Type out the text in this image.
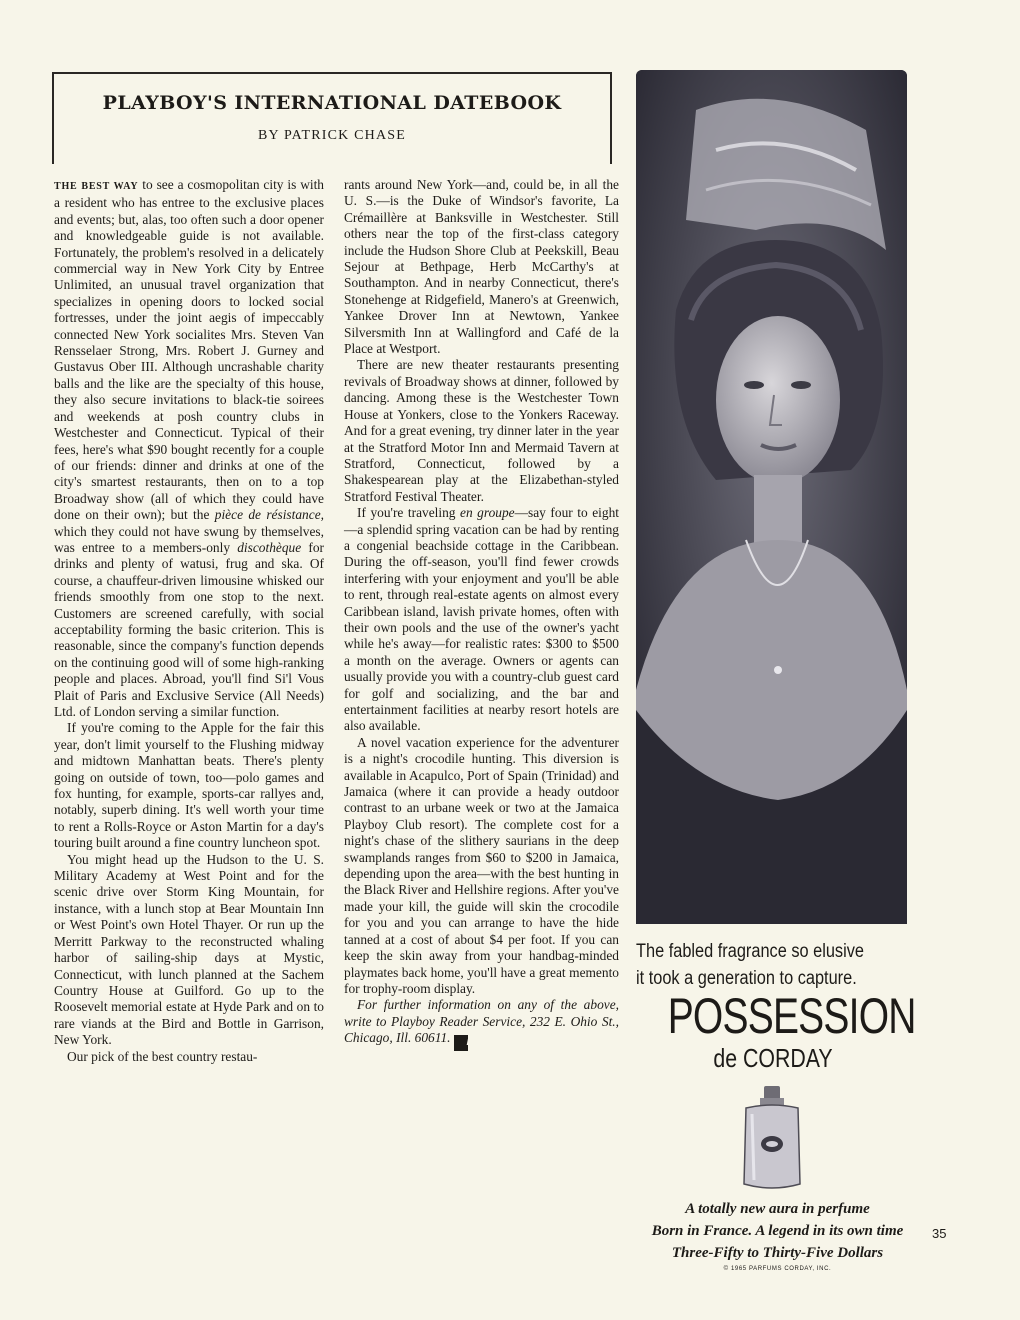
PLAYBOY'S INTERNATIONAL DATEBOOK
BY PATRICK CHASE

THE BEST WAY to see a cosmopolitan city is with a resident who has entree to the exclusive places and events; but, alas, too often such a door opener and knowledgeable guide is not available. Fortunately, the problem's resolved in a delicately commercial way in New York City by Entree Unlimited, an unusual travel organization that specializes in opening doors to locked social fortresses, under the joint aegis of impeccably connected New York socialites Mrs. Steven Van Rensselaer Strong, Mrs. Robert J. Gurney and Gustavus Ober III. Although uncrashable charity balls and the like are the specialty of this house, they also secure invitations to black-tie soirees and weekends at posh country clubs in Westchester and Connecticut. Typical of their fees, here's what $90 bought recently for a couple of our friends: dinner and drinks at one of the city's smartest restaurants, then on to a top Broadway show (all of which they could have done on their own); but the pièce de résistance, which they could not have swung by themselves, was entree to a members-only discothèque for drinks and plenty of watusi, frug and ska. Of course, a chauffeur-driven limousine whisked our friends smoothly from one stop to the next. Customers are screened carefully, with social acceptability forming the basic criterion. This is reasonable, since the company's function depends on the continuing good will of some high-ranking people and places. Abroad, you'll find Si'l Vous Plait of Paris and Exclusive Service (All Needs) Ltd. of London serving a similar function.

If you're coming to the Apple for the fair this year, don't limit yourself to the Flushing midway and midtown Manhattan beats. There's plenty going on outside of town, too—polo games and fox hunting, for example, sports-car rallyes and, notably, superb dining. It's well worth your time to rent a Rolls-Royce or Aston Martin for a day's touring built around a fine country luncheon spot.

You might head up the Hudson to the U. S. Military Academy at West Point and for the scenic drive over Storm King Mountain, for instance, with a lunch stop at Bear Mountain Inn or West Point's own Hotel Thayer. Or run up the Merritt Parkway to the reconstructed whaling harbor of sailing-ship days at Mystic, Connecticut, with lunch planned at the Sachem Country House at Guilford. Go up to the Roosevelt memorial estate at Hyde Park and on to rare viands at the Bird and Bottle in Garrison, New York.

Our pick of the best country restau-

rants around New York—and, could be, in all the U. S.—is the Duke of Windsor's favorite, La Crémaillère at Banksville in Westchester. Still others near the top of the first-class category include the Hudson Shore Club at Peekskill, Beau Sejour at Bethpage, Herb McCarthy's at Southampton. And in nearby Connecticut, there's Stonehenge at Ridgefield, Manero's at Greenwich, Yankee Drover Inn at Newtown, Yankee Silversmith Inn at Wallingford and Café de la Place at Westport.

There are new theater restaurants presenting revivals of Broadway shows at dinner, followed by dancing. Among these is the Westchester Town House at Yonkers, close to the Yonkers Raceway. And for a great evening, try dinner later in the year at the Stratford Motor Inn and Mermaid Tavern at Stratford, Connecticut, followed by a Shakespearean play at the Elizabethan-styled Stratford Festival Theater.

If you're traveling en groupe—say four to eight—a splendid spring vacation can be had by renting a congenial beachside cottage in the Caribbean. During the off-season, you'll find fewer crowds interfering with your enjoyment and you'll be able to rent, through real-estate agents on almost every Caribbean island, lavish private homes, often with their own pools and the use of the owner's yacht while he's away—for realistic rates: $300 to $500 a month on the average. Owners or agents can usually provide you with a country-club guest card for golf and socializing, and the bar and entertainment facilities at nearby resort hotels are also available.

A novel vacation experience for the adventurer is a night's crocodile hunting. This diversion is available in Acapulco, Port of Spain (Trinidad) and Jamaica (where it can provide a heady outdoor contrast to an urbane week or two at the Jamaica Playboy Club resort). The complete cost for a night's chase of the slithery saurians in the deep swamplands ranges from $60 to $200 in Jamaica, depending upon the area—with the best hunting in the Black River and Hellshire regions. After you've made your kill, the guide will skin the crocodile for you and you can arrange to have the hide tanned at a cost of about $4 per foot. If you can keep the skin away from your handbag-minded playmates back home, you'll have a great memento for trophy-room display.

For further information on any of the above, write to Playboy Reader Service, 232 E. Ohio St., Chicago, Ill. 60611. P

The fabled fragrance so elusive
it took a generation to capture.
POSSESSION
de CORDAY
A totally new aura in perfume
Born in France. A legend in its own time
Three-Fifty to Thirty-Five Dollars
© 1965 PARFUMS CORDAY, INC.
35
